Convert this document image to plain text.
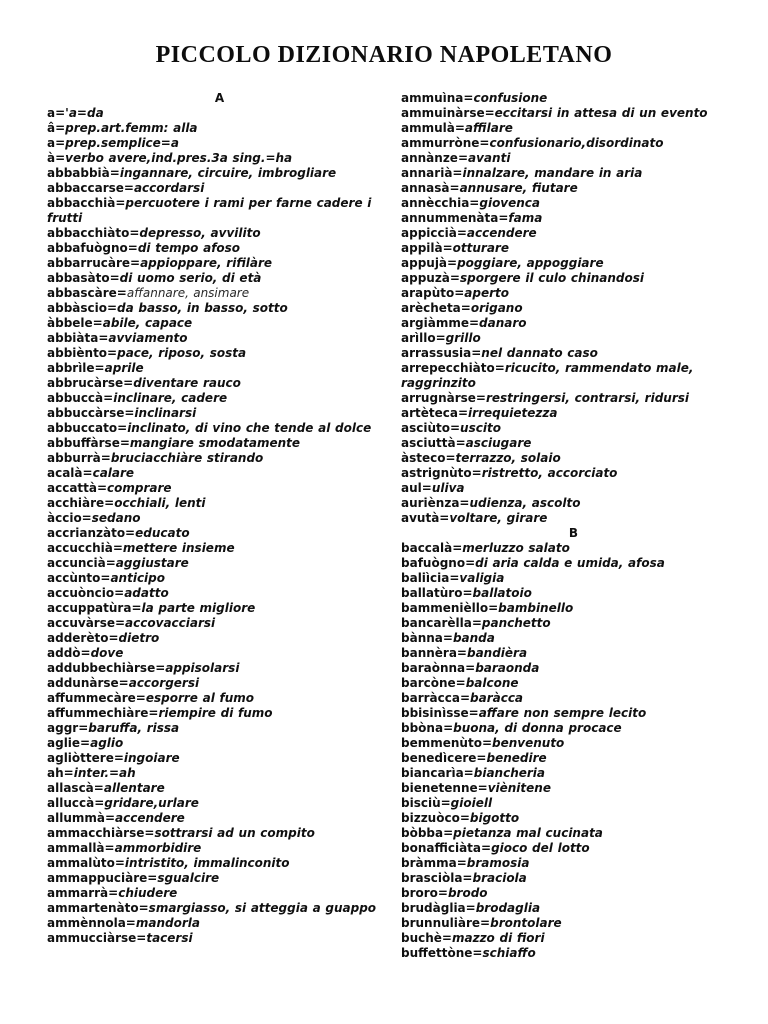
PICCOLO DIZIONARIO NAPOLETANO
A
a='a=da
â=prep.art.femm: alla
a=prep.semplice=a
à=verbo avere,ind.pres.3a sing.=ha
abbabbià=ingannare, circuire, imbrogliare
abbaccarse=accordarsi
abbacchià=percuotere i rami per farne cadere i frutti
abbacchiàto=depresso, avvilito
abbafuògno=di tempo afoso
abbarrucàre=appioppare, rifilàre
abbasàto=di uomo serio, di età
abbascàre=affannare, ansimare
abbàscio=da basso, in basso, sotto
àbbele=abile, capace
abbiàta=avviamento
abbiènto=pace, riposo, sosta
abbrìle=aprile
abbrucàrse=diventare rauco
abbuccà=inclinare, cadere
abbuccàrse=inclinarsi
abbuccato=inclinato, di vino che tende al dolce
abbuffàrse=mangiare smodatamente
abburrà=bruciacchiàre stirando
acalà=calare
accattà=comprare
acchiàre=occhiali, lenti
àccio=sedano
accrianzàto=educato
accucchià=mettere insieme
accuncià=aggiustare
accùnto=anticipo
accuòncio=adatto
accuppatùra=la parte migliore
accuvàrse=accovacciarsi
adderèto=dietro
addò=dove
addubbechiàrse=appisolarsi
addunàrse=accorgersi
affummecàre=esporre al fumo
affummechiàre=riempire di fumo
aggr=baruffa, rissa
aglie=aglio
agliòttere=ingoiare
ah=inter.=ah
allascà=allentare
alluccà=gridare,urlare
allummà=accendere
ammacchiàrse=sottrarsi ad un compito
ammallà=ammorbidire
ammalùto=intristito, immalinconito
ammappuciàre=sgualcire
ammarrà=chiudere
ammartenàto=smargiasso, si atteggia a guappo
ammènnola=mandorla
ammucciàrse=tacersi
ammuìna=confusione
ammuinàrse=eccitarsi in attesa di un evento
ammulà=affilare
ammurròne=confusionario,disordinato
annànze=avanti
annarià=innalzare, mandare in aria
annasà=annusare, fiutare
annècchia=giovenca
annummenàta=fama
appiccià=accendere
appilà=otturare
appujà=poggiare, appoggiare
appuzà=sporgere il culo chinandosi
arapùto=aperto
arècheta=origano
argiàmme=danaro
arìllo=grillo
arrassusia=nel dannato caso
arrepecchiàto=ricucito, rammendato male, raggrinzito
arrugnàrse=restringersi, contrarsi, ridursi
artèteca=irrequietezza
asciùto=uscito
asciuttà=asciugare
àsteco=terrazzo, solaio
astrignùto=ristretto, accorciato
aul=uliva
auriènza=udienza, ascolto
avutà=voltare, girare
B
baccalà=merluzzo salato
bafuògno=di aria calda e umida, afosa
baliìcia=valigia
ballatùro=ballatoio
bammenièllo=bambinello
bancarèlla=panchetto
bànna=banda
bannèra=bandièra
baraònna=baraonda
barcòne=balcone
barràcca=baràcca
bbisinìsse=affare non sempre lecito
bbòna=buona, di donna procace
bemmenùto=benvenuto
benedìcere=benedire
biancarìa=biancheria
bienetenne=viènitene
bisciù=gioiell
bizzuòco=bigotto
bòbba=pietanza mal cucinata
bonafficiàta=gioco del lotto
bràmma=bramosia
brasciòla=braciola
broro=brodo
brudàglia=brodaglia
brunnuliàre=brontolare
buchè=mazzo di fiori
buffettòne=schiaffo
